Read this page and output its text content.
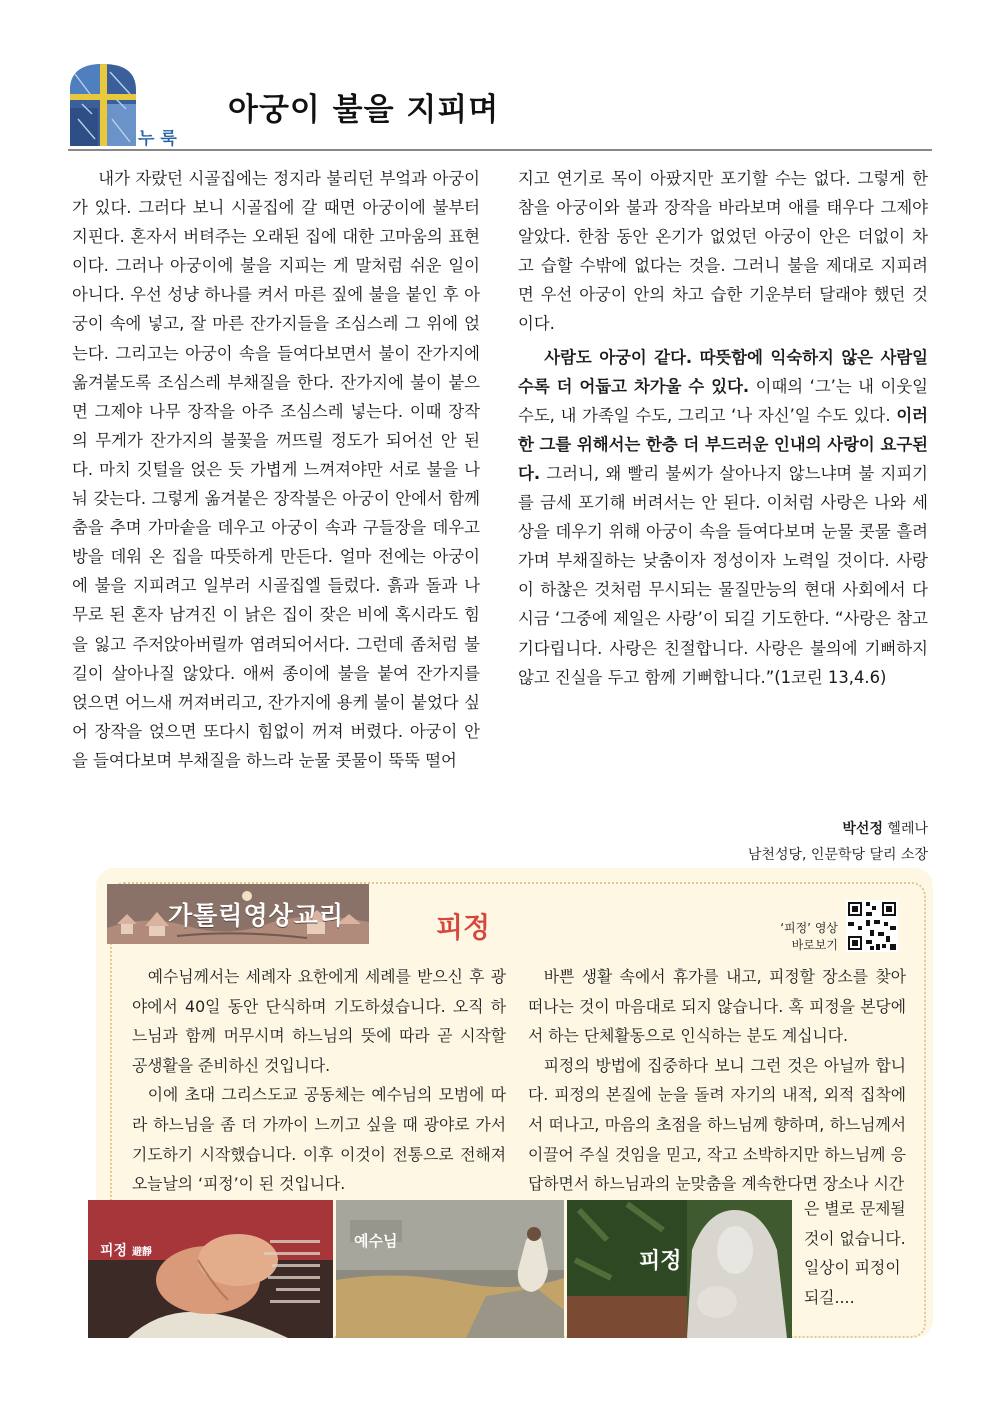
누룩
아궁이 불을 지피며

내가 자랐던 시골집에는 정지라 불리던 부엌과 아궁이가 있다. 그러다 보니 시골집에 갈 때면 아궁이에 불부터 지핀다. 혼자서 버텨주는 오래된 집에 대한 고마움의 표현이다. 그러나 아궁이에 불을 지피는 게 말처럼 쉬운 일이 아니다. 우선 성냥 하나를 켜서 마른 짚에 불을 붙인 후 아궁이 속에 넣고, 잘 마른 잔가지들을 조심스레 그 위에 얹는다. 그리고는 아궁이 속을 들여다보면서 불이 잔가지에 옮겨붙도록 조심스레 부채질을 한다. 잔가지에 불이 붙으면 그제야 나무 장작을 아주 조심스레 넣는다. 이때 장작의 무게가 잔가지의 불꽃을 꺼뜨릴 정도가 되어선 안 된다. 마치 깃털을 얹은 듯 가볍게 느껴져야만 서로 불을 나눠 갖는다. 그렇게 옮겨붙은 장작불은 아궁이 안에서 함께 춤을 추며 가마솥을 데우고 아궁이 속과 구들장을 데우고 방을 데워 온 집을 따뜻하게 만든다. 얼마 전에는 아궁이에 불을 지피려고 일부러 시골집엘 들렀다. 흙과 돌과 나무로 된 혼자 남겨진 이 낡은 집이 잦은 비에 혹시라도 힘을 잃고 주저앉아버릴까 염려되어서다. 그런데 좀처럼 불길이 살아나질 않았다. 애써 종이에 불을 붙여 잔가지를 얹으면 어느새 꺼져버리고, 잔가지에 용케 불이 붙었다 싶어 장작을 얹으면 또다시 힘없이 꺼져 버렸다. 아궁이 안을 들여다보며 부채질을 하느라 눈물 콧물이 뚝뚝 떨어

지고 연기로 목이 아팠지만 포기할 수는 없다. 그렇게 한참을 아궁이와 불과 장작을 바라보며 애를 태우다 그제야 알았다. 한참 동안 온기가 없었던 아궁이 안은 더없이 차고 습할 수밖에 없다는 것을. 그러니 불을 제대로 지피려면 우선 아궁이 안의 차고 습한 기운부터 달래야 했던 것이다.

사람도 아궁이 같다. 따뜻함에 익숙하지 않은 사람일수록 더 어둡고 차가울 수 있다. 이때의 ‘그’는 내 이웃일 수도, 내 가족일 수도, 그리고 ‘나 자신’일 수도 있다. 이러한 그를 위해서는 한층 더 부드러운 인내의 사랑이 요구된다. 그러니, 왜 빨리 불씨가 살아나지 않느냐며 불 지피기를 금세 포기해 버려서는 안 된다. 이처럼 사랑은 나와 세상을 데우기 위해 아궁이 속을 들여다보며 눈물 콧물 흘려가며 부채질하는 낮춤이자 정성이자 노력일 것이다. 사랑이 하찮은 것처럼 무시되는 물질만능의 현대 사회에서 다시금 ‘그중에 제일은 사랑’이 되길 기도한다. “사랑은 참고 기다립니다. 사랑은 친절합니다. 사랑은 불의에 기뻐하지 않고 진실을 두고 함께 기뻐합니다.”(1코린 13,4.6)

박선정 헬레나
남천성당, 인문학당 달리 소장
가톨릭영상교리	피정	‘피정’ 영상
바로보기

예수님께서는 세례자 요한에게 세례를 받으신 후 광야에서 40일 동안 단식하며 기도하셨습니다. 오직 하느님과 함께 머무시며 하느님의 뜻에 따라 곧 시작할 공생활을 준비하신 것입니다.

이에 초대 그리스도교 공동체는 예수님의 모범에 따라 하느님을 좀 더 가까이 느끼고 싶을 때 광야로 가서 기도하기 시작했습니다. 이후 이것이 전통으로 전해져 오늘날의 ‘피정’이 된 것입니다.

바쁜 생활 속에서 휴가를 내고, 피정할 장소를 찾아 떠나는 것이 마음대로 되지 않습니다. 혹 피정을 본당에서 하는 단체활동으로 인식하는 분도 계십니다.

피정의 방법에 집중하다 보니 그런 것은 아닐까 합니다. 피정의 본질에 눈을 돌려 자기의 내적, 외적 집착에서 떠나고, 마음의 초점을 하느님께 향하며, 하느님께서 이끌어 주실 것임을 믿고, 작고 소박하지만 하느님께 응답하면서 하느님과의 눈맞춤을 계속한다면 장소나 시간

은 별로 문제될 것이 없습니다. 일상이 피정이 되길....
피정 避靜
예수님
피정
